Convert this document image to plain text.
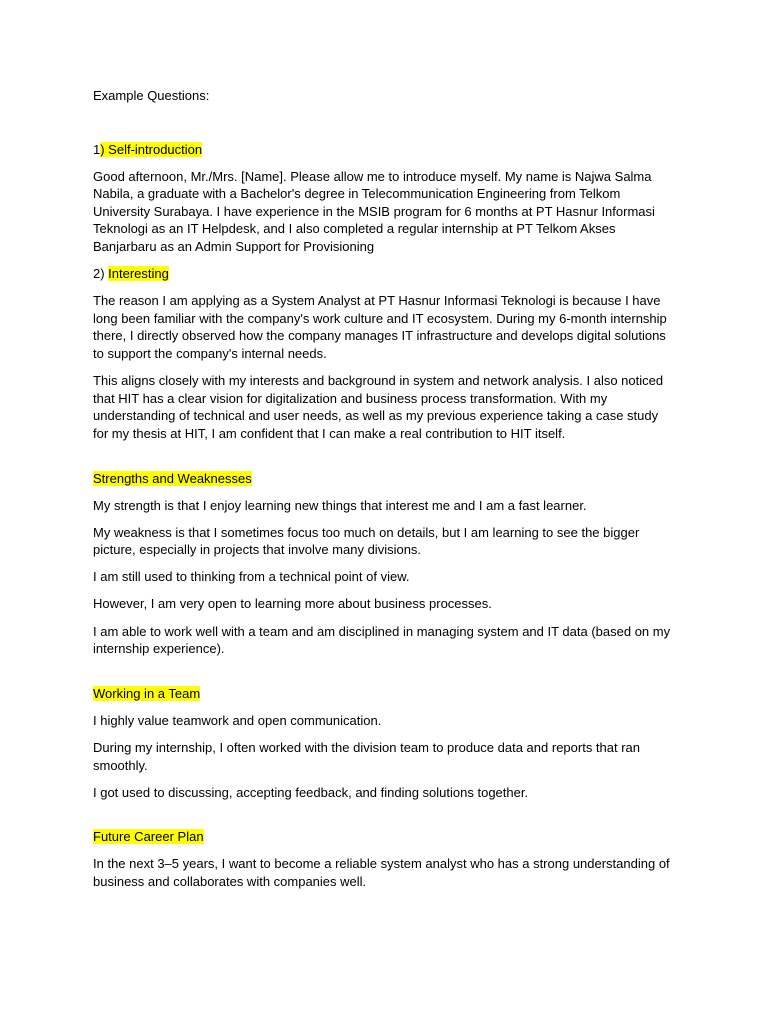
Example Questions:

1) Self-introduction

Good afternoon, Mr./Mrs. [Name]. Please allow me to introduce myself. My name is Najwa Salma Nabila, a graduate with a Bachelor's degree in Telecommunication Engineering from Telkom University Surabaya. I have experience in the MSIB program for 6 months at PT Hasnur Informasi Teknologi as an IT Helpdesk, and I also completed a regular internship at PT Telkom Akses Banjarbaru as an Admin Support for Provisioning

2) Interesting

The reason I am applying as a System Analyst at PT Hasnur Informasi Teknologi is because I have long been familiar with the company's work culture and IT ecosystem. During my 6-month internship there, I directly observed how the company manages IT infrastructure and develops digital solutions to support the company's internal needs.

This aligns closely with my interests and background in system and network analysis. I also noticed that HIT has a clear vision for digitalization and business process transformation. With my understanding of technical and user needs, as well as my previous experience taking a case study for my thesis at HIT, I am confident that I can make a real contribution to HIT itself.

Strengths and Weaknesses

My strength is that I enjoy learning new things that interest me and I am a fast learner.

My weakness is that I sometimes focus too much on details, but I am learning to see the bigger picture, especially in projects that involve many divisions.

I am still used to thinking from a technical point of view.

However, I am very open to learning more about business processes.

I am able to work well with a team and am disciplined in managing system and IT data (based on my internship experience).

Working in a Team

I highly value teamwork and open communication.

During my internship, I often worked with the division team to produce data and reports that ran smoothly.

I got used to discussing, accepting feedback, and finding solutions together.

Future Career Plan

In the next 3–5 years, I want to become a reliable system analyst who has a strong understanding of business and collaborates with companies well.
